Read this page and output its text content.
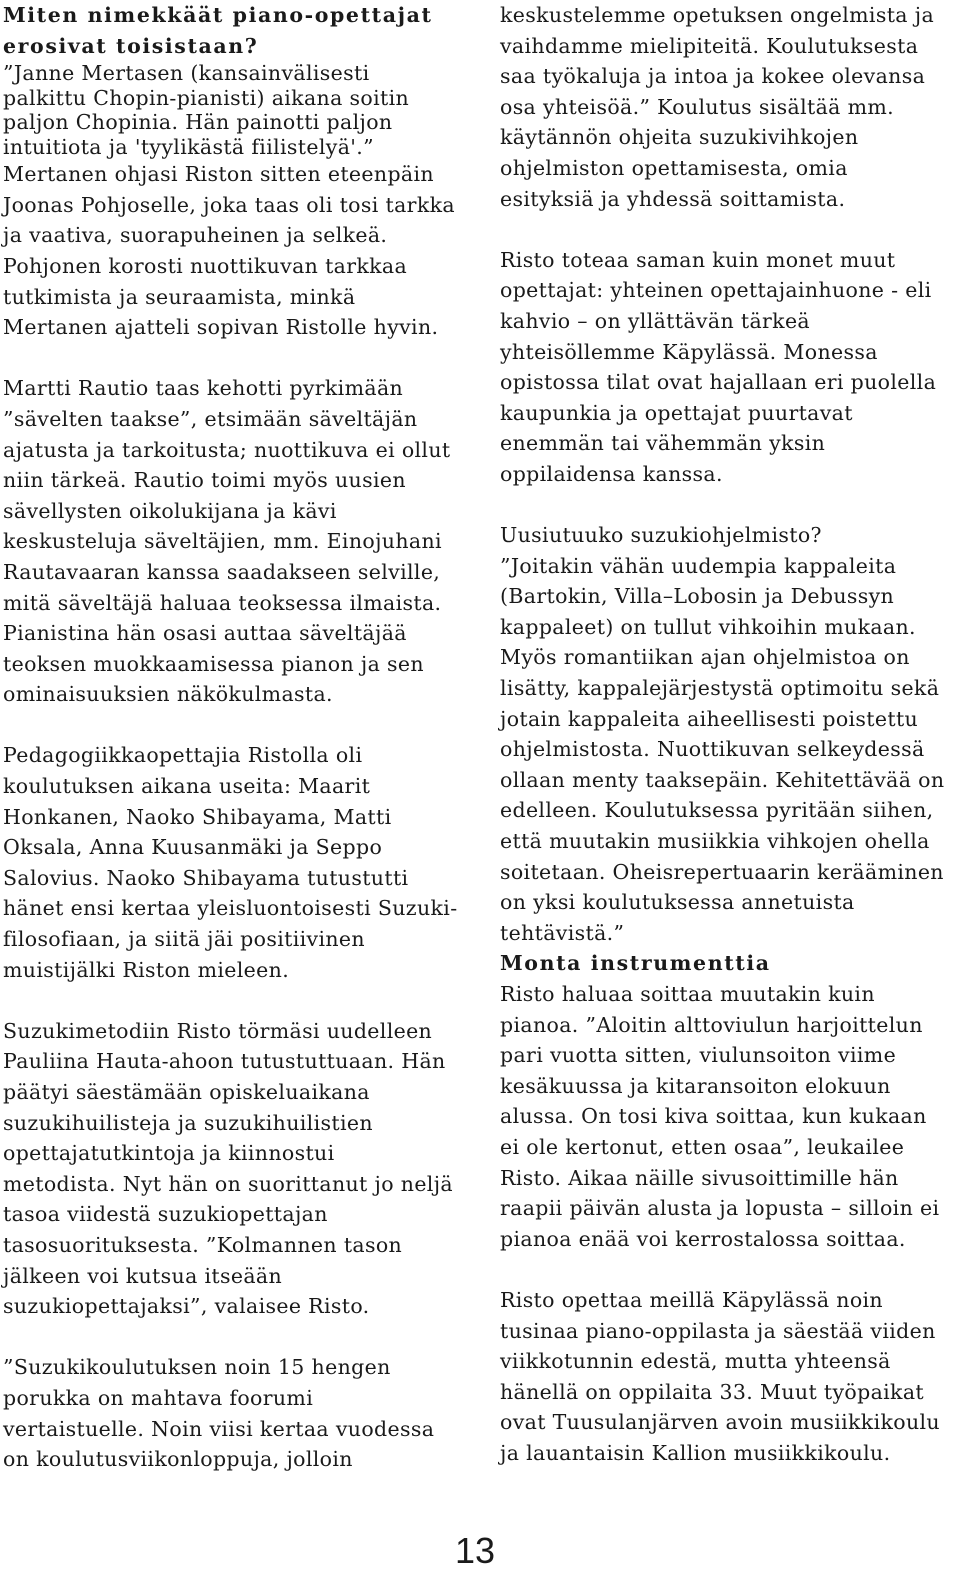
Miten nimekkäät piano-opettajat
erosivat toisistaan?

”Janne Mertasen (kansainvälisesti
palkittu Chopin-pianisti) aikana soitin
paljon Chopinia. Hän painotti paljon
intuitiota ja 'tyylikästä fiilistelyä'.”
Mertanen ohjasi Riston sitten eteenpäin
Joonas Pohjoselle, joka taas oli tosi tarkka
ja vaativa, suorapuheinen ja selkeä.
Pohjonen korosti nuottikuvan tarkkaa
tutkimista ja seuraamista, minkä
Mertanen ajatteli sopivan Ristolle hyvin.

Martti Rautio taas kehotti pyrkimään
”sävelten taakse”, etsimään säveltäjän
ajatusta ja tarkoitusta; nuottikuva ei ollut
niin tärkeä. Rautio toimi myös uusien
sävellysten oikolukijana ja kävi
keskusteluja säveltäjien, mm. Einojuhani
Rautavaaran kanssa saadakseen selville,
mitä säveltäjä haluaa teoksessa ilmaista.
Pianistina hän osasi auttaa säveltäjää
teoksen muokkaamisessa pianon ja sen
ominaisuuksien näkökulmasta.

Pedagogiikkaopettajia Ristolla oli
koulutuksen aikana useita: Maarit
Honkanen, Naoko Shibayama, Matti
Oksala, Anna Kuusanmäki ja Seppo
Salovius. Naoko Shibayama tutustutti
hänet ensi kertaa yleisluontoisesti Suzuki-
filosofiaan, ja siitä jäi positiivinen
muistijälki Riston mieleen.

Suzukimetodiin Risto törmäsi uudelleen
Pauliina Hauta-ahoon tutustuttuaan. Hän
päätyi säestämään opiskeluaikana
suzukihuilisteja ja suzukihuilistien
opettajatutkintoja ja kiinnostui
metodista. Nyt hän on suorittanut jo neljä
tasoa viidestä suzukiopettajan
tasosuorituksesta. ”Kolmannen tason
jälkeen voi kutsua itseään
suzukiopettajaksi”, valaisee Risto.

”Suzukikoulutuksen noin 15 hengen
porukka on mahtava foorumi
vertaistuelle. Noin viisi kertaa vuodessa
on koulutusviikonloppuja, jolloin

keskustelemme opetuksen ongelmista ja
vaihdamme mielipiteitä. Koulutuksesta
saa työkaluja ja intoa ja kokee olevansa
osa yhteisöä.” Koulutus sisältää mm.
käytännön ohjeita suzukivihkojen
ohjelmiston opettamisesta, omia
esityksiä ja yhdessä soittamista.

Risto toteaa saman kuin monet muut
opettajat: yhteinen opettajainhuone - eli
kahvio – on yllättävän tärkeä
yhteisöllemme Käpylässä. Monessa
opistossa tilat ovat hajallaan eri puolella
kaupunkia ja opettajat puurtavat
enemmän tai vähemmän yksin
oppilaidensa kanssa.

Uusiutuuko suzukiohjelmisto?
”Joitakin vähän uudempia kappaleita
(Bartokin, Villa–Lobosin ja Debussyn
kappaleet) on tullut vihkoihin mukaan.
Myös romantiikan ajan ohjelmistoa on
lisätty, kappalejärjestystä optimoitu sekä
jotain kappaleita aiheellisesti poistettu
ohjelmistosta. Nuottikuvan selkeydessä
ollaan menty taaksepäin. Kehitettävää on
edelleen. Koulutuksessa pyritään siihen,
että muutakin musiikkia vihkojen ohella
soitetaan. Oheisrepertuaarin kerääminen
on yksi koulutuksessa annetuista
tehtävistä.”

Monta instrumenttia

Risto haluaa soittaa muutakin kuin
pianoa. ”Aloitin alttoviulun harjoittelun
pari vuotta sitten, viulunsoiton viime
kesäkuussa ja kitaransoiton elokuun
alussa. On tosi kiva soittaa, kun kukaan
ei ole kertonut, etten osaa”, leukailee
Risto. Aikaa näille sivusoittimille hän
raapii päivän alusta ja lopusta – silloin ei
pianoa enää voi kerrostalossa soittaa.

Risto opettaa meillä Käpylässä noin
tusinaa piano-oppilasta ja säestää viiden
viikkotunnin edestä, mutta yhteensä
hänellä on oppilaita 33. Muut työpaikat
ovat Tuusulanjärven avoin musiikkikoulu
ja lauantaisin Kallion musiikkikoulu.

13
